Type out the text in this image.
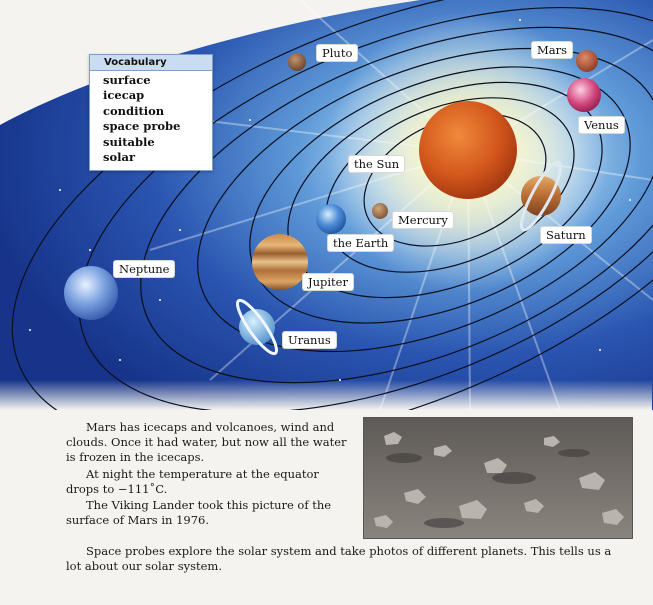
Vocabulary
surface
icecap
condition
space probe
suitable
solar
Pluto	Mars
Venus
the Sun
Mercury
the Earth
Saturn
Neptune
Jupiter
Uranus

Mars has icecaps and volcanoes, wind and clouds. Once it had water, but now all the water is frozen in the icecaps.

At night the temperature at the equator drops to −111˚C.

The Viking Lander took this picture of the surface of Mars in 1976.

Space probes explore the solar system and take photos of different planets. This tells us a lot about our solar system.
